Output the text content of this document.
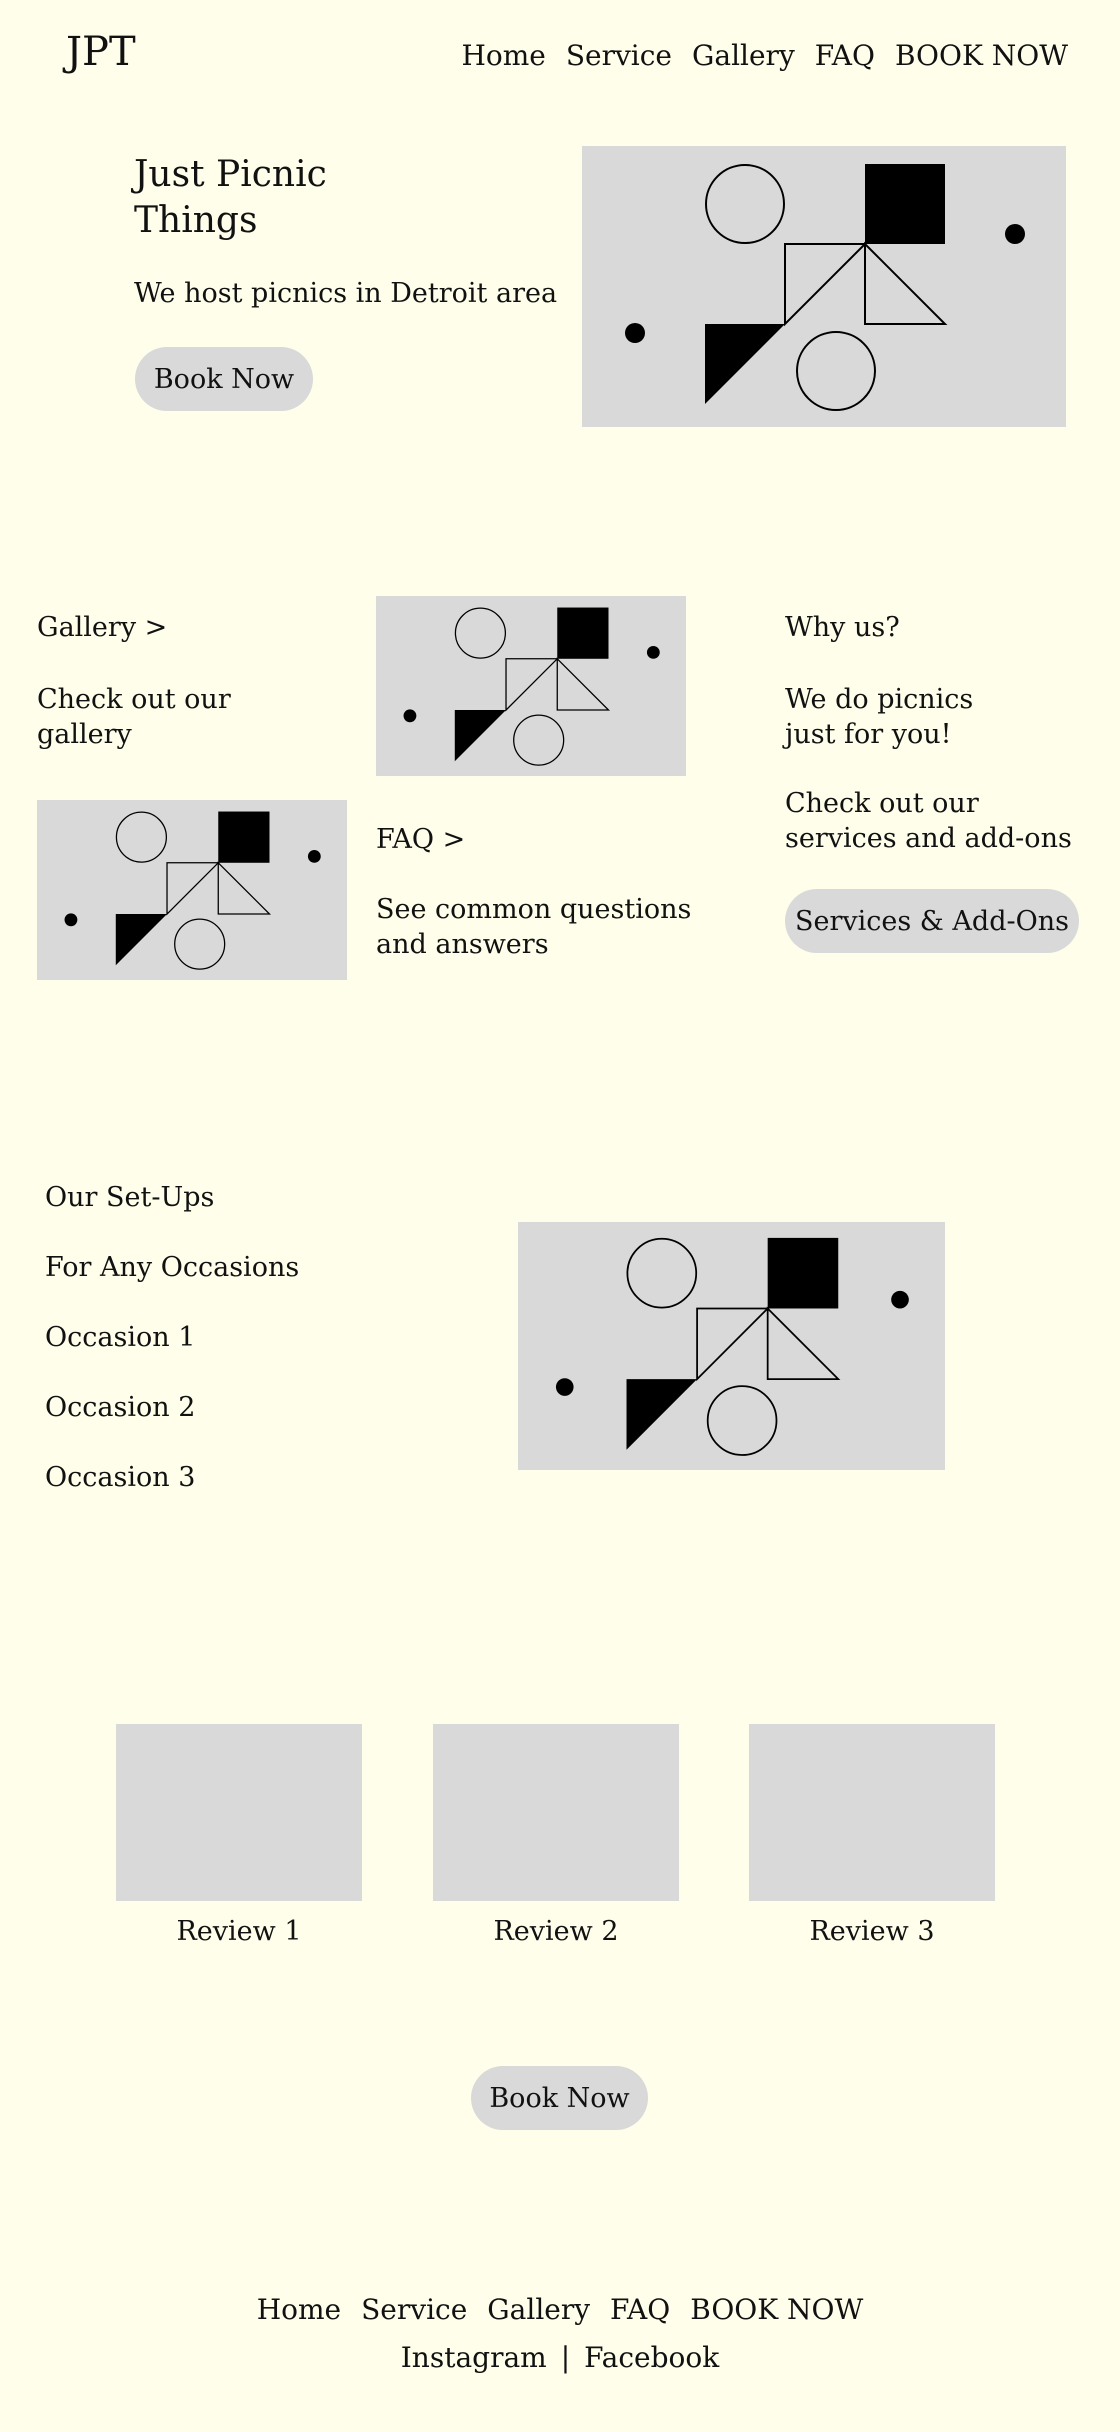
JPT	Home Service Gallery FAQ BOOK NOW
Just Picnic Things
We host picnics in Detroit area
Book Now
Gallery >
Check out our gallery
FAQ >
See common questions and answers
Why us?
We do picnics just for you!
Check out our services and add-ons
Services & Add-Ons
Our Set-Ups
For Any Occasions
Occasion 1
Occasion 2
Occasion 3
Review 1	Review 2	Review 3
Book Now
Home Service Gallery FAQ BOOK NOW
Instagram | Facebook
